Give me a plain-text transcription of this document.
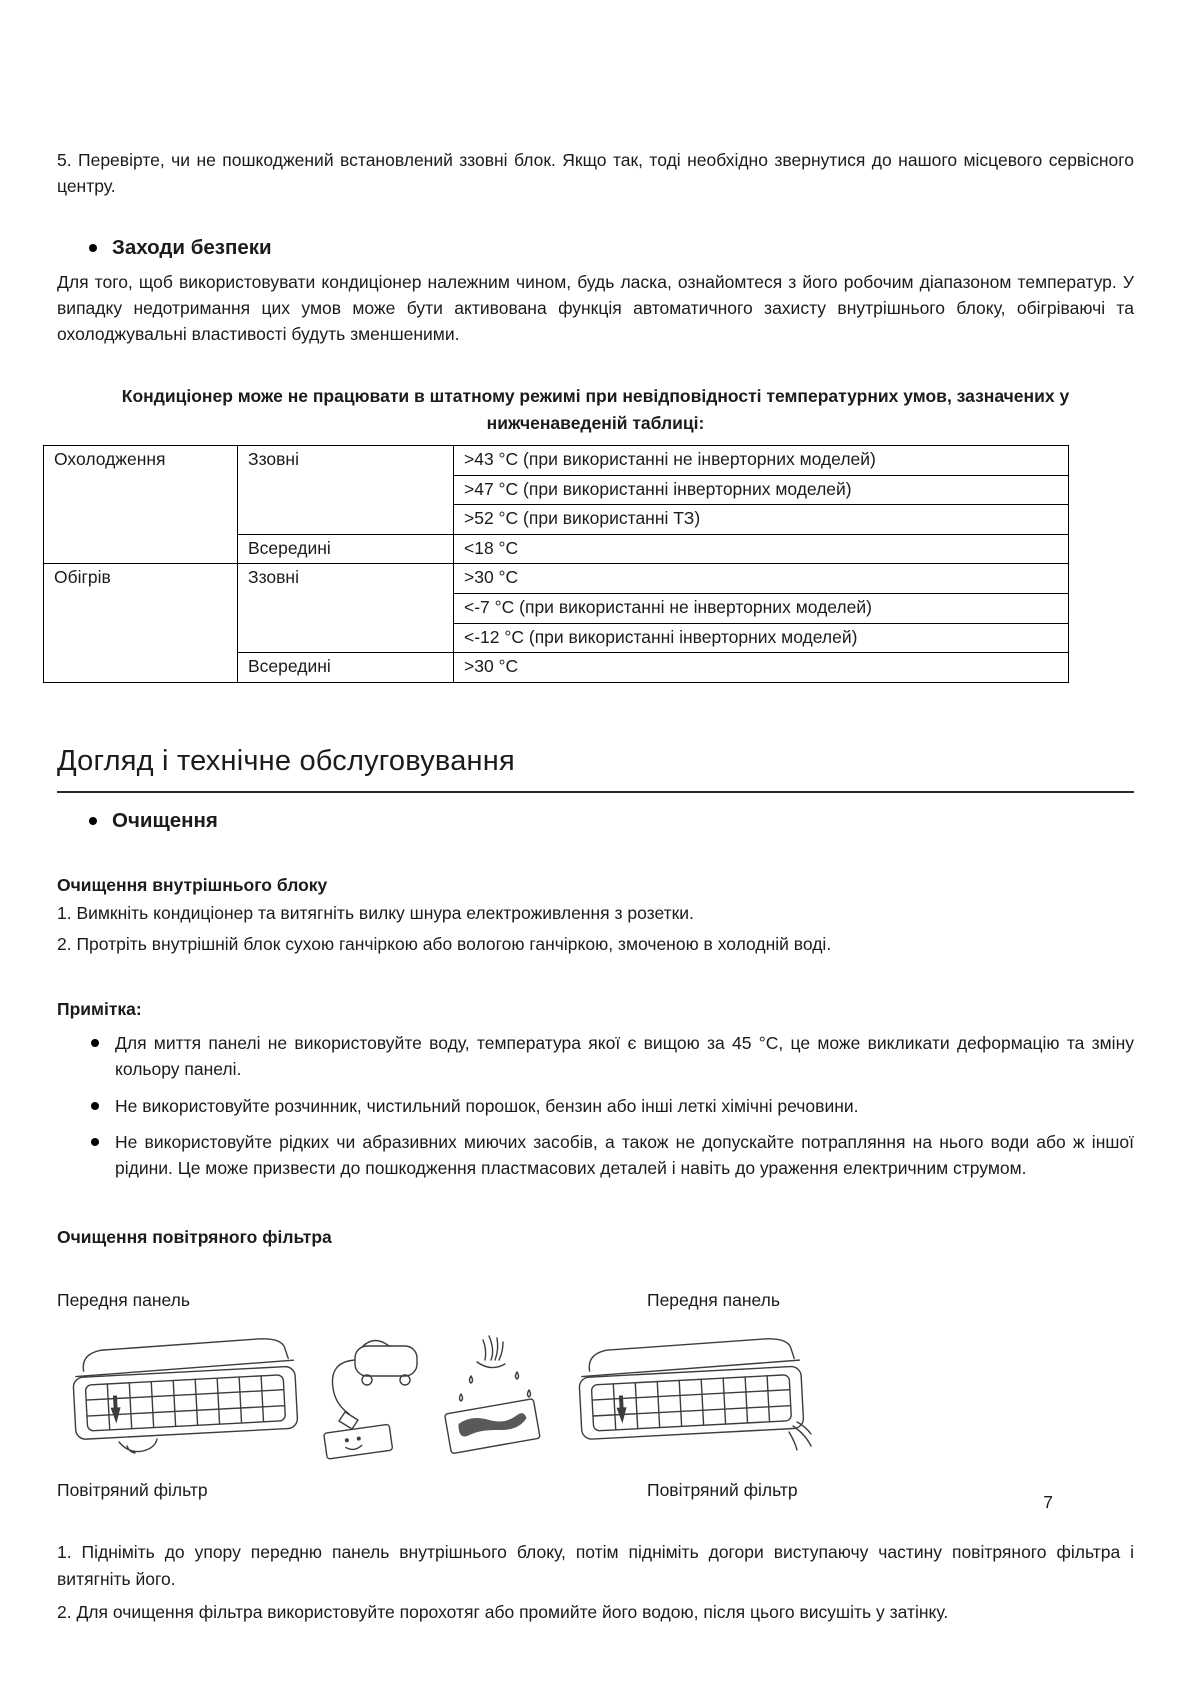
5. Перевірте, чи не пошкоджений встановлений ззовні блок. Якщо так, тоді необхідно звернутися до нашого місцевого сервісного центру.

Заходи безпеки

Для того, щоб використовувати кондиціонер належним чином, будь ласка, ознайомтеся з його робочим діапазоном температур. У випадку недотримання цих умов може бути активована функція автоматичного захисту внутрішнього блоку, обігріваючі та охолоджувальні властивості будуть зменшеними.

Кондиціонер може не працювати в штатному режимі при невідповідності температурних умов, зазначених у нижченаведеній таблиці:
Охолодження	Ззовні	>43 °C (при використанні не інверторних моделей)
		>47 °C (при використанні інверторних моделей)
		>52 °C (при використанні ТЗ)
	Всередині	<18 °C
Обігрів	Ззовні	>30 °C
		<-7 °C (при використанні не інверторних моделей)
		<-12 °C (при використанні інверторних моделей)
	Всередині	>30 °C
Догляд і технічне обслуговування
Очищення
Очищення внутрішнього блоку

1. Вимкніть кондиціонер та витягніть вилку шнура електроживлення з розетки.

2. Протріть внутрішній блок сухою ганчіркою або вологою ганчіркою, змоченою в холодній воді.

Примітка:
Для миття панелі не використовуйте воду, температура якої є вищою за 45 °C, це може викликати деформацію та зміну кольору панелі.
Не використовуйте розчинник, чистильний порошок, бензин або інші леткі хімічні речовини.
Не використовуйте рідких чи абразивних миючих засобів, а також не допускайте потрапляння на нього води або ж іншої рідини. Це може призвести до пошкодження пластмасових деталей і навіть до ураження електричним струмом.
Очищення повітряного фільтра
Передня панель	Передня панель
Повітряний фільтр	Повітряний фільтр

1. Підніміть до упору передню панель внутрішнього блоку, потім підніміть догори виступаючу частину повітряного фільтра і витягніть його.

2. Для очищення фільтра використовуйте порохотяг або промийте його водою, після цього висушіть у затінку.

7
